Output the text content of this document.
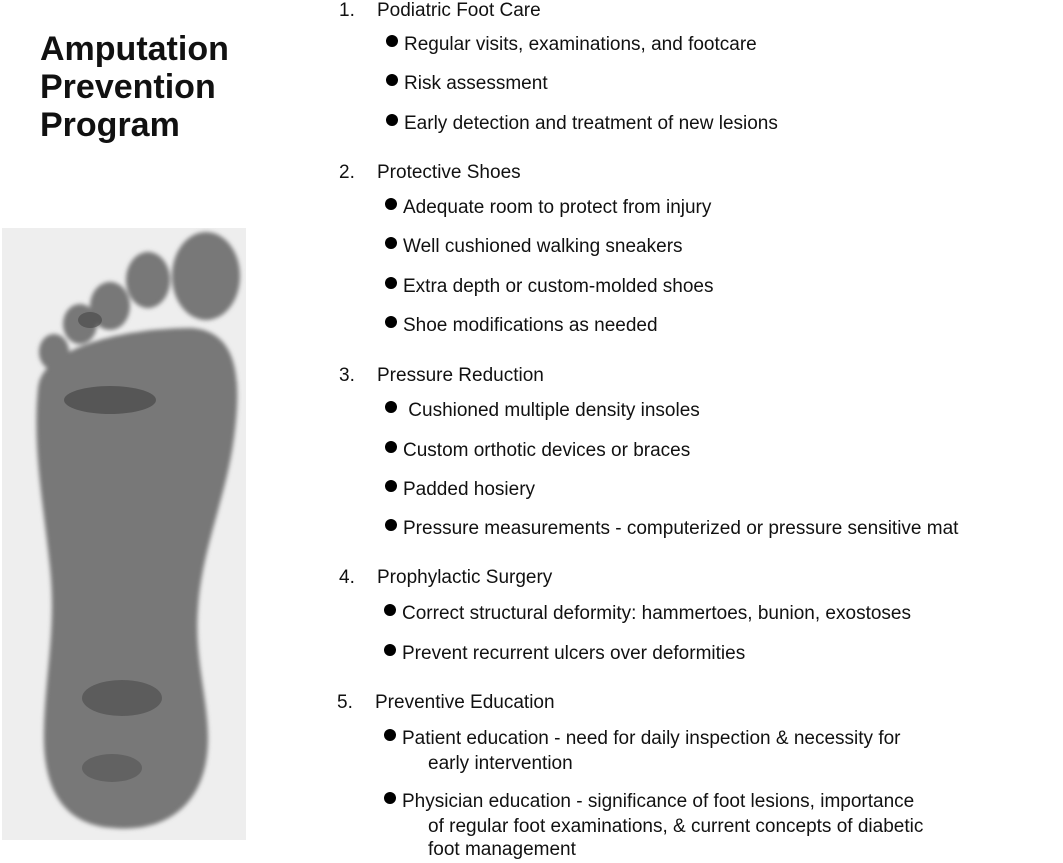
Amputation
Prevention
Program
1. Podiatric Foot Care
Regular visits, examinations, and footcare
Risk assessment
Early detection and treatment of new lesions
2. Protective Shoes
Adequate room to protect from injury
Well cushioned walking sneakers
Extra depth or custom-molded shoes
Shoe modifications as needed
3. Pressure Reduction
Cushioned multiple density insoles
Custom orthotic devices or braces
Padded hosiery
Pressure measurements - computerized or pressure sensitive mat
4. Prophylactic Surgery
Correct structural deformity: hammertoes, bunion, exostoses
Prevent recurrent ulcers over deformities
5. Preventive Education
Patient education - need for daily inspection & necessity for
early intervention
Physician education - significance of foot lesions, importance
of regular foot examinations, & current concepts of diabetic
foot management
